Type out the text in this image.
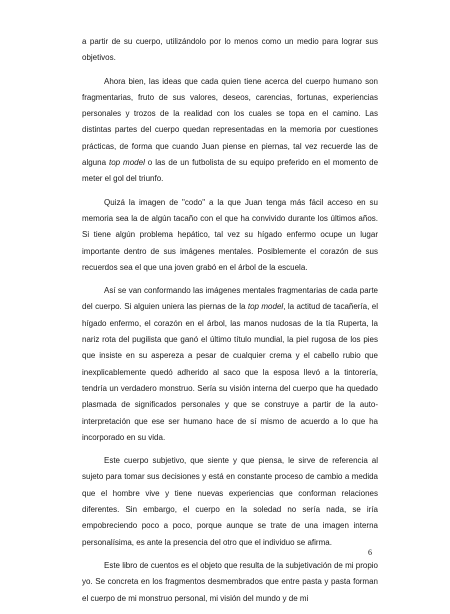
a partir de su cuerpo, utilizándolo por lo menos como un medio para lograr sus objetivos.

Ahora bien, las ideas que cada quien tiene acerca del cuerpo humano son fragmentarias, fruto de sus valores, deseos, carencias, fortunas, experiencias personales y trozos de la realidad con los cuales se topa en el camino. Las distintas partes del cuerpo quedan representadas en la memoria por cuestiones prácticas, de forma que cuando Juan piense en piernas, tal vez recuerde las de alguna top model o las de un futbolista de su equipo preferido en el momento de meter el gol del triunfo.

Quizá la imagen de "codo" a la que Juan tenga más fácil acceso en su memoria sea la de algún tacaño con el que ha convivido durante los últimos años. Si tiene algún problema hepático, tal vez su hígado enfermo ocupe un lugar importante dentro de sus imágenes mentales. Posiblemente el corazón de sus recuerdos sea el que una joven grabó en el árbol de la escuela.

Así se van conformando las imágenes mentales fragmentarias de cada parte del cuerpo. Si alguien uniera las piernas de la top model, la actitud de tacañería, el hígado enfermo, el corazón en el árbol, las manos nudosas de la tía Ruperta, la nariz rota del pugilista que ganó el último título mundial, la piel rugosa de los pies que insiste en su aspereza a pesar de cualquier crema y el cabello rubio que inexplicablemente quedó adherido al saco que la esposa llevó a la tintorería, tendría un verdadero monstruo. Sería su visión interna del cuerpo que ha quedado plasmada de significados personales y que se construye a partir de la auto-interpretación que ese ser humano hace de sí mismo de acuerdo a lo que ha incorporado en su vida.

Este cuerpo subjetivo, que siente y que piensa, le sirve de referencia al sujeto para tomar sus decisiones y está en constante proceso de cambio a medida que el hombre vive y tiene nuevas experiencias que conforman relaciones diferentes. Sin embargo, el cuerpo en la soledad no sería nada, se iría empobreciendo poco a poco, porque aunque se trate de una imagen interna personalísima, es ante la presencia del otro que el individuo se afirma.

Este libro de cuentos es el objeto que resulta de la subjetivación de mi propio yo. Se concreta en los fragmentos desmembrados que entre pasta y pasta forman el cuerpo de mi monstruo personal, mi visión del mundo y de mi

6
